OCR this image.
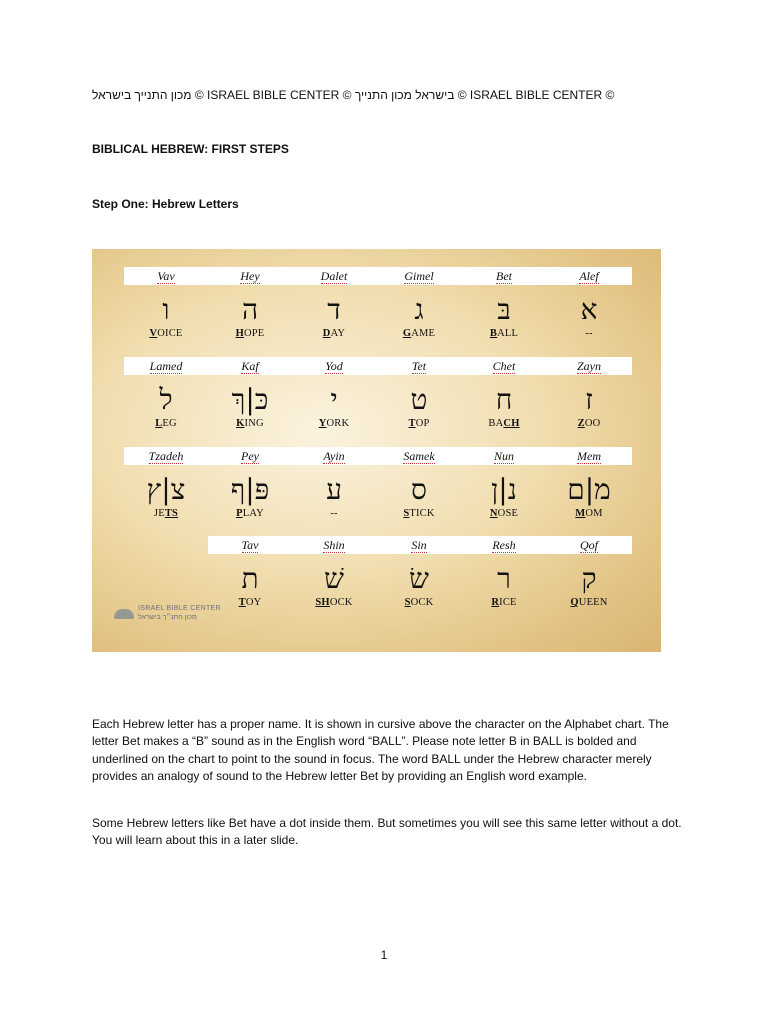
מכון התנייך בישראל © ISRAEL BIBLE CENTER © בישראל מכון התנייך © ISRAEL BIBLE CENTER ©
BIBLICAL HEBREW: FIRST STEPS
Step One: Hebrew Letters
ISRAEL BIBLE CENTER
מכון התנ״ך בישראל
Vav
ו
VOICE
Hey
ה
HOPE
Dalet
ד
DAY
Gimel
ג
GAME
Bet
בּ
BALL
Alef
א
--
Lamed
ל
LEG
Kaf
כּ|ךְ
KING
Yod
י
YORK
Tet
ט
TOP
Chet
ח
BACH
Zayn
ז
ZOO
Tzadeh
צ|ץ
JETS
Pey
פּ|ף
PLAY
Ayin
ע
--
Samek
ס
STICK
Nun
נ|ן
NOSE
Mem
מ|ם
MOM
Tav
ת
TOY
Shin
שׁ
SHOCK
Sin
שׂ
SOCK
Resh
ר
RICE
Qof
ק
QUEEN
Each Hebrew letter has a proper name. It is shown in cursive above the character on the Alphabet chart. The letter Bet makes a “B” sound as in the English word “BALL”. Please note letter B in BALL is bolded and underlined on the chart to point to the sound in focus. The word BALL under the Hebrew character merely provides an analogy of sound to the Hebrew letter Bet by providing an English word example.
Some Hebrew letters like Bet have a dot inside them. But sometimes you will see this same letter without a dot. You will learn about this in a later slide.
1
